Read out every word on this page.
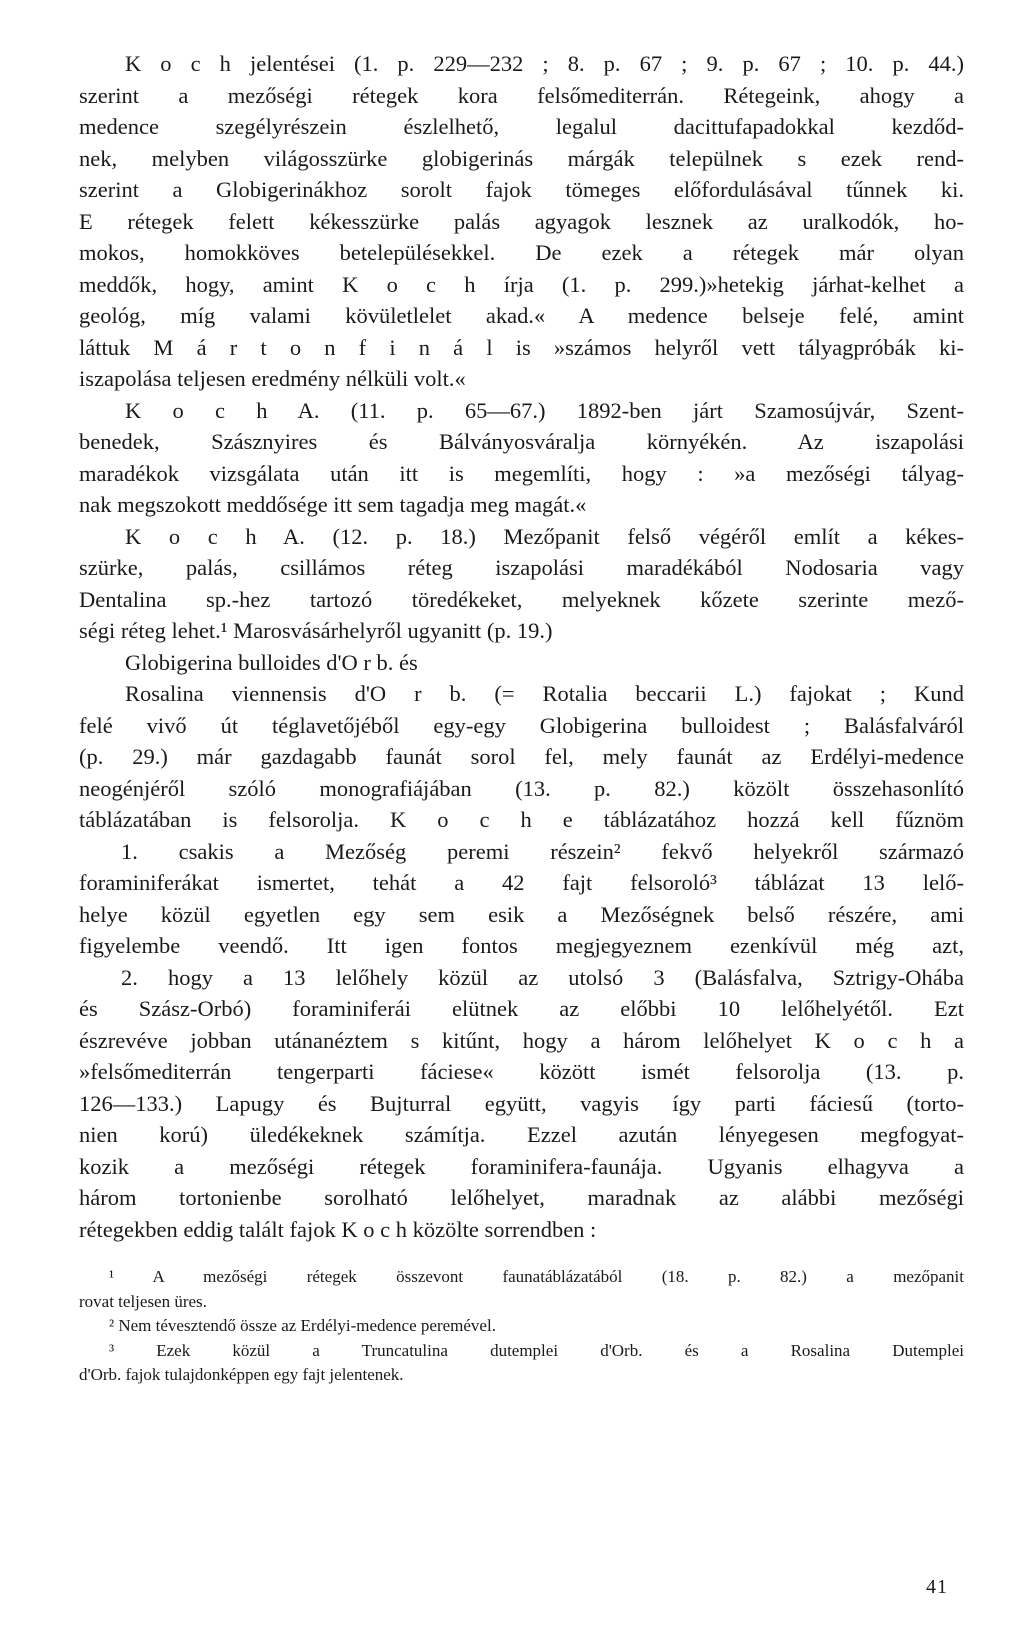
K o c h jelentései (1. p. 229—232 ; 8. p. 67 ; 9. p. 67 ; 10. p. 44.)
szerint a mezőségi rétegek kora felsőmediterrán. Rétegeink, ahogy a
medence szegélyrészein észlelhető, legalul dacittufapadokkal kezdőd-
nek, melyben világosszürke globigerinás márgák települnek s ezek rend-
szerint a Globigerinákhoz sorolt fajok tömeges előfordulásával tűnnek ki.
E rétegek felett kékesszürke palás agyagok lesznek az uralkodók, ho-
mokos, homokköves betelepülésekkel. De ezek a rétegek már olyan
meddők, hogy, amint K o c h írja (1. p. 299.)»hetekig járhat-kelhet a
geológ, míg valami kövületlelet akad.« A medence belseje felé, amint
láttuk M á r t o n f i n á l is »számos helyről vett tályagpróbák ki-
iszapolása teljesen eredmény nélküli volt.«
K o c h A. (11. p. 65—67.) 1892-ben járt Szamosújvár, Szent-
benedek, Szásznyires és Bálványosváralja környékén. Az iszapolási
maradékok vizsgálata után itt is megemlíti, hogy : »a mezőségi tályag-
nak megszokott meddősége itt sem tagadja meg magát.«
K o c h A. (12. p. 18.) Mezőpanit felső végéről említ a kékes-
szürke, palás, csillámos réteg iszapolási maradékából Nodosaria vagy
Dentalina sp.-hez tartozó töredékeket, melyeknek kőzete szerinte mező-
ségi réteg lehet.¹ Marosvásárhelyről ugyanitt (p. 19.)
Globigerina bulloides d'O r b. és
Rosalina viennensis d'O r b. (= Rotalia beccarii L.) fajokat ; Kund
felé vivő út téglavetőjéből egy-egy Globigerina bulloidest ; Balásfalváról
(p. 29.) már gazdagabb faunát sorol fel, mely faunát az Erdélyi-medence
neogénjéről szóló monografiájában (13. p. 82.) közölt összehasonlító
táblázatában is felsorolja. K o c h e táblázatához hozzá kell fűznöm
1. csakis a Mezőség peremi részein² fekvő helyekről származó
foraminiferákat ismertet, tehát a 42 fajt felsoroló³ táblázat 13 lelő-
helye közül egyetlen egy sem esik a Mezőségnek belső részére, ami
figyelembe veendő. Itt igen fontos megjegyeznem ezenkívül még azt,
2. hogy a 13 lelőhely közül az utolsó 3 (Balásfalva, Sztrigy-Ohába
és Szász-Orbó) foraminiferái elütnek az előbbi 10 lelőhelyétől. Ezt
észrevéve jobban utánanéztem s kitűnt, hogy a három lelőhelyet K o c h a
»felsőmediterrán tengerparti fáciese« között ismét felsorolja (13. p.
126—133.) Lapugy és Bujturral együtt, vagyis így parti fáciesű (torto-
nien korú) üledékeknek számítja. Ezzel azután lényegesen megfogyat-
kozik a mezőségi rétegek foraminifera-faunája. Ugyanis elhagyva a
három tortonienbe sorolható lelőhelyet, maradnak az alábbi mezőségi
rétegekben eddig talált fajok K o c h közölte sorrendben :
¹ A mezőségi rétegek összevont faunatáblázatából (18. p. 82.) a mezőpanit
rovat teljesen üres.
² Nem tévesztendő össze az Erdélyi-medence peremével.
³ Ezek közül a Truncatulina dutemplei d'Orb. és a Rosalina Dutemplei
d'Orb. fajok tulajdonképpen egy fajt jelentenek.
41
